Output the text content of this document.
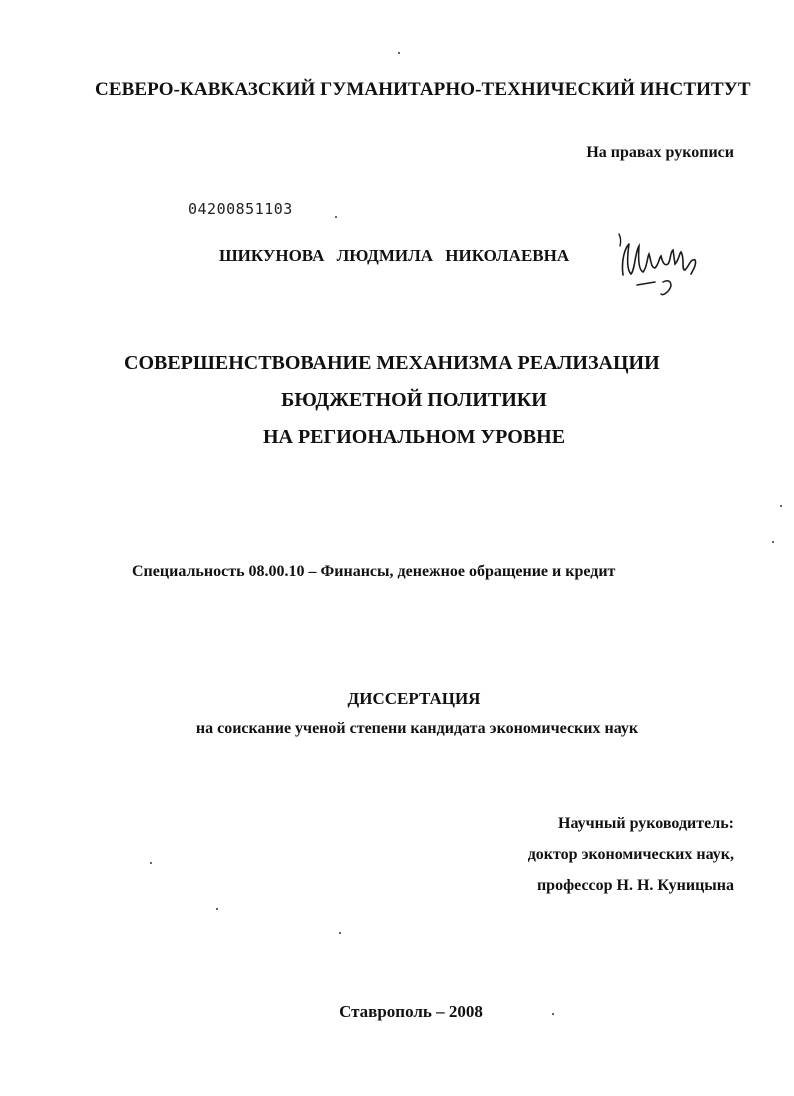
СЕВЕРО-КАВКАЗСКИЙ ГУМАНИТАРНО-ТЕХНИЧЕСКИЙ ИНСТИТУТ
На правах рукописи
04200851103
ШИКУНОВА ЛЮДМИЛА НИКОЛАЕВНА
СОВЕРШЕНСТВОВАНИЕ МЕХАНИЗМА РЕАЛИЗАЦИИ
БЮДЖЕТНОЙ ПОЛИТИКИ
НА РЕГИОНАЛЬНОМ УРОВНЕ
Специальность 08.00.10 – Финансы, денежное обращение и кредит
ДИССЕРТАЦИЯ
на соискание ученой степени кандидата экономических наук
Научный руководитель:
доктор экономических наук,
профессор Н. Н. Куницына
Ставрополь – 2008
